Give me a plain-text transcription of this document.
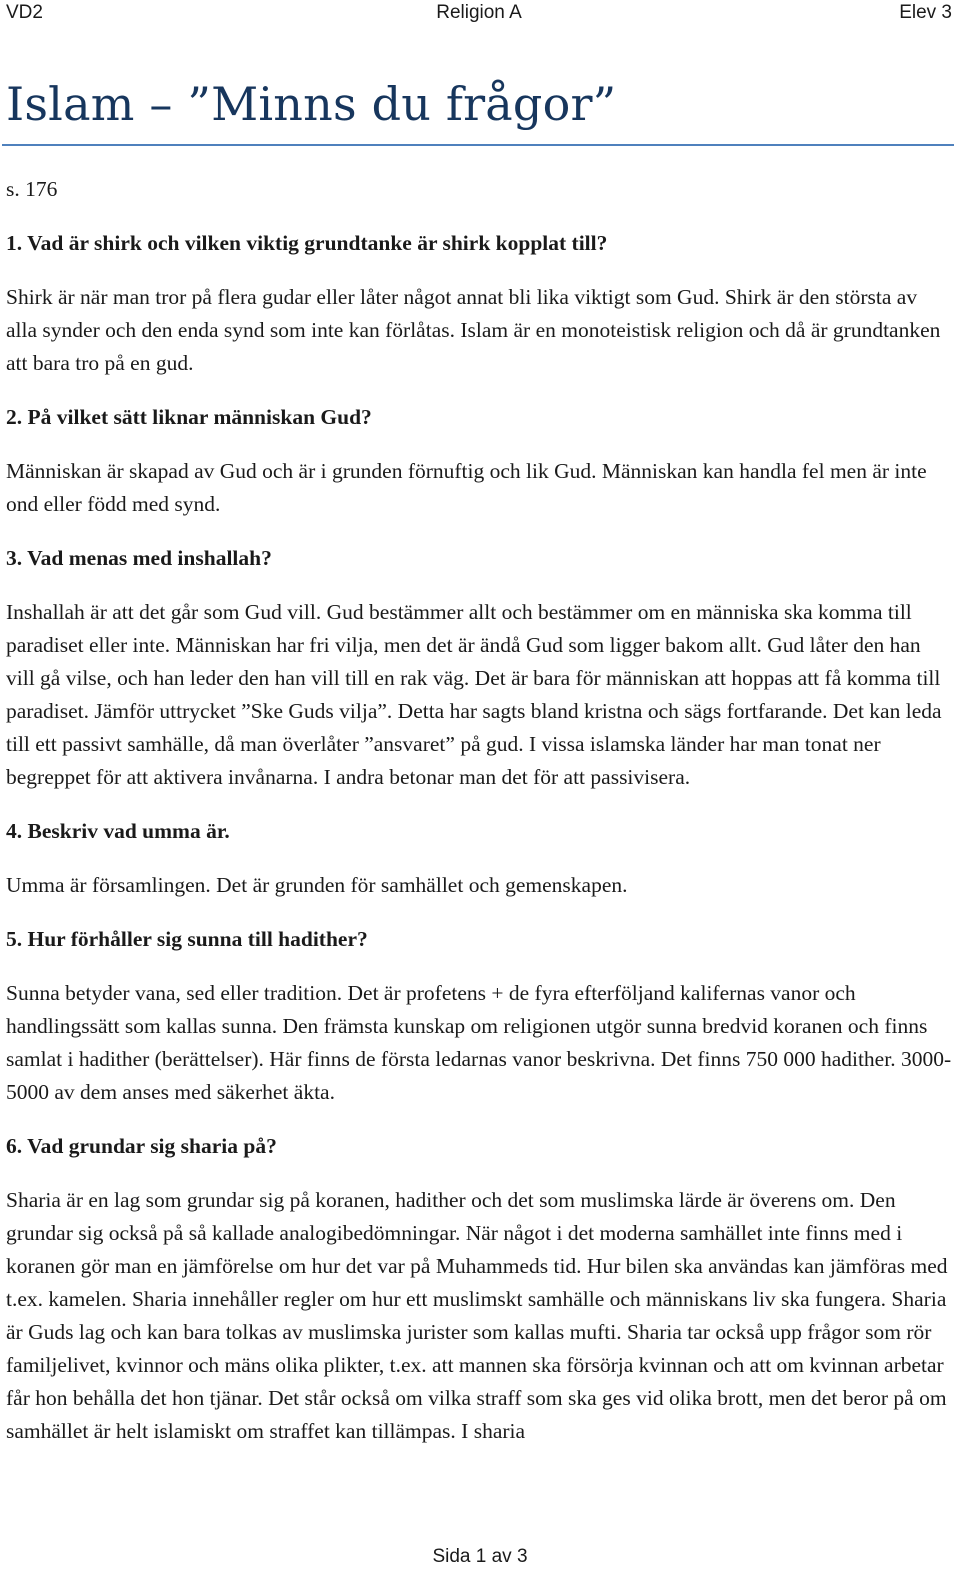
VD2	Religion A	Elev 3
Islam – ”Minns du frågor”

s. 176

1. Vad är shirk och vilken viktig grundtanke är shirk kopplat till?

Shirk är när man tror på flera gudar eller låter något annat bli lika viktigt som Gud. Shirk är den största av alla synder och den enda synd som inte kan förlåtas. Islam är en monoteistisk religion och då är grundtanken att bara tro på en gud.

2. På vilket sätt liknar människan Gud?

Människan är skapad av Gud och är i grunden förnuftig och lik Gud. Människan kan handla fel men är inte ond eller född med synd.

3. Vad menas med inshallah?

Inshallah är att det går som Gud vill. Gud bestämmer allt och bestämmer om en människa ska komma till paradiset eller inte. Människan har fri vilja, men det är ändå Gud som ligger bakom allt. Gud låter den han vill gå vilse, och han leder den han vill till en rak väg. Det är bara för människan att hoppas att få komma till paradiset. Jämför uttrycket ”Ske Guds vilja”. Detta har sagts bland kristna och sägs fortfarande. Det kan leda till ett passivt samhälle, då man överlåter ”ansvaret” på gud. I vissa islamska länder har man tonat ner begreppet för att aktivera invånarna. I andra betonar man det för att passivisera.

4. Beskriv vad umma är.

Umma är församlingen. Det är grunden för samhället och gemenskapen.

5. Hur förhåller sig sunna till hadither?

Sunna betyder vana, sed eller tradition. Det är profetens + de fyra efterföljand kalifernas vanor och handlingssätt som kallas sunna. Den främsta kunskap om religionen utgör sunna bredvid koranen och finns samlat i hadither (berättelser). Här finns de första ledarnas vanor beskrivna. Det finns 750 000 hadither. 3000-5000 av dem anses med säkerhet äkta.

6. Vad grundar sig sharia på?

Sharia är en lag som grundar sig på koranen, hadither och det som muslimska lärde är överens om. Den grundar sig också på så kallade analogibedömningar. När något i det moderna samhället inte finns med i koranen gör man en jämförelse om hur det var på Muhammeds tid. Hur bilen ska användas kan jämföras med t.ex. kamelen. Sharia innehåller regler om hur ett muslimskt samhälle och människans liv ska fungera. Sharia är Guds lag och kan bara tolkas av muslimska jurister som kallas mufti. Sharia tar också upp frågor som rör familjelivet, kvinnor och mäns olika plikter, t.ex. att mannen ska försörja kvinnan och att om kvinnan arbetar får hon behålla det hon tjänar. Det står också om vilka straff som ska ges vid olika brott, men det beror på om samhället är helt islamiskt om straffet kan tillämpas. I sharia

Sida 1 av 3
